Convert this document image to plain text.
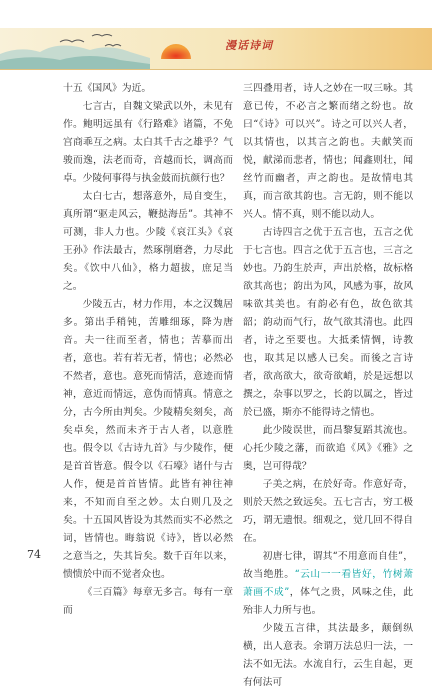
漫话诗词

十五《国风》为近。

七言古，自魏文梁武以外，未见有作。鲍明远虽有《行路难》诸篇，不免宫商乖互之病。太白其千古之雄乎？气骏而逸，法老而奇，音越而长，调高而卓。少陵何事得与执金鼓而抗颜行也？

太白七古，想落意外，局自变生，真所谓“驱走风云，鞭挞海岳”。其神不可测，非人力也。少陵《哀江头》《哀王孙》作法最古，然琢削磨砻，力尽此矣。《饮中八仙》，格力超拔，庶足当之。

少陵五古，材力作用，本之汉魏居多。第出手稍钝，苦雕细琢，降为唐音。夫一往而至者，情也；苦摹而出者，意也。若有若无者，情也；必然必不然者，意也。意死而情活，意迹而情神，意近而情远，意伪而情真。情意之分，古今所由判矣。少陵精矣刻矣，高矣卓矣，然而未齐于古人者，以意胜也。假令以《古诗九首》与少陵作，便是首首皆意。假令以《石壕》诸什与古人作，便是首首皆情。此皆有神往神来，不知而自至之妙。太白则几及之矣。十五国风皆设为其然而实不必然之词，皆情也。晦翁说《诗》，皆以必然之意当之，失其旨矣。数千百年以来，愦愦於中而不觉者众也。

《三百篇》每章无多言。每有一章而

三四叠用者，诗人之妙在一叹三咏。其意已传，不必言之繁而绪之纷也。故曰“《诗》可以兴”。诗之可以兴人者，以其情也，以其言之韵也。夫献笑而悦，献涕而悲者，情也；闻鑫则壮，闻丝竹而幽者，声之韵也。是故情电其真，而言欲其韵也。言无韵，则不能以兴人。情不真，则不能以动人。

古诗四言之优于五言也，五言之优于七言也。四言之优于五言也，三言之妙也。乃韵生於声，声出於格，故标格欲其高也；韵出为风，风感为事，故风味欲其美也。有韵必有色，故色欲其韶；韵动而气行，故气欲其清也。此四者，诗之至要也。大抵柔情惆，诗教也，取其足以感人已矣。而後之言诗者，欲高欲大，欲奇欲峭，於是远想以撰之，杂事以罗之，长韵以属之，皆过於已盛，斯亦不能得诗之情也。

此少陵误世，而昌黎复蹈其流也。心托少陵之藩，而欲追《风》《雅》之奥，岂可得哉？

子美之病，在於好奇。作意好奇，则於天然之致远矣。五七言古，穷工极巧，谓无遗恨。细观之，觉几回不得自在。

初唐七律，谓其“不用意而自佳”，故当绝胜。“云山一一看皆好，竹树萧萧画不成”，体气之贵，风味之佳，此殆非人力所与也。

少陵五言律，其法最多，颠倒纵横，出人意表。余谓万法总归一法，一法不如无法。水流自行，云生自起，更有何法可

74
